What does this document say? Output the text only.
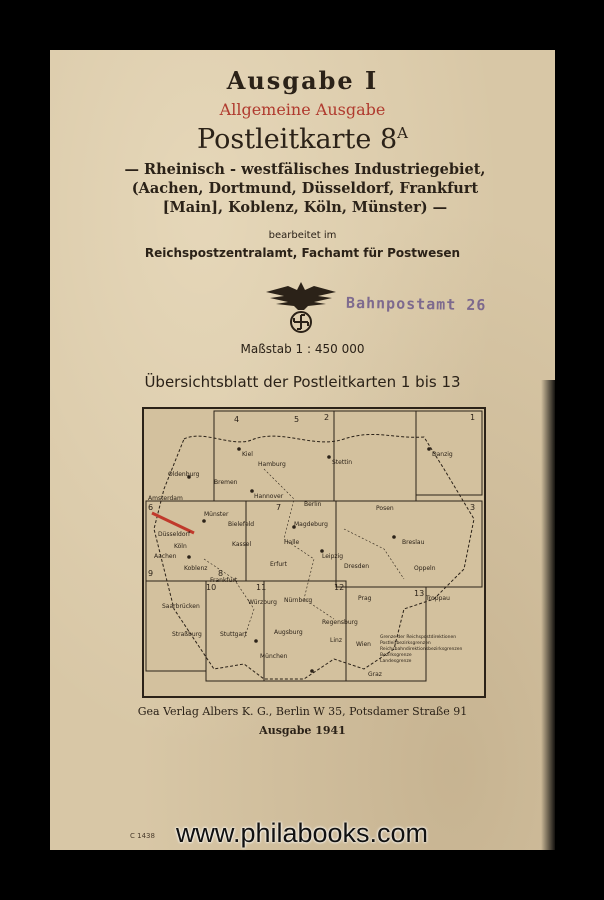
Ausgabe I
Allgemeine Ausgabe
Postleitkarte $8^A$
— Rheinisch - westfälisches Industriegebiet, (Aachen, Dortmund, Düsseldorf, Frankfurt [Main], Koblenz, Köln, Münster) —
bearbeitet im
Reichspostzentralamt, Fachamt für Postwesen
Bahnpostamt 26
Maßstab 1 : 450 000
Übersichtsblatt der Postleitkarten 1 bis 13
1
2
3
4	5
6	7
8
9
10	11	12
13
Kiel
Stettin
Danzig
Oldenburg
Hamburg
Bremen
Hannover
Berlin
Posen
Amsterdam
Münster
Bielefeld	Magdeburg
Düsseldorf
Kassel	Halle
Leipzig
Breslau
Köln
Aachen
Koblenz
Frankfurt
Erfurt	Dresden	Oppeln
Nürnberg
Regensburg
Prag
Stuttgart
München
Linz
Wien
Würzburg
Saarbrücken
Straßburg	Augsburg
Graz
Troppau
Grenze der Reichspostdirektionen
Postleitbezirksgrenzen
Reichsbahndirektionsbezirksgrenzen
Bezirksgrenze
Landesgrenze
Gea Verlag Albers K. G., Berlin W 35, Potsdamer Straße 91
Ausgabe 1941
C 1438 www.philabooks.com
